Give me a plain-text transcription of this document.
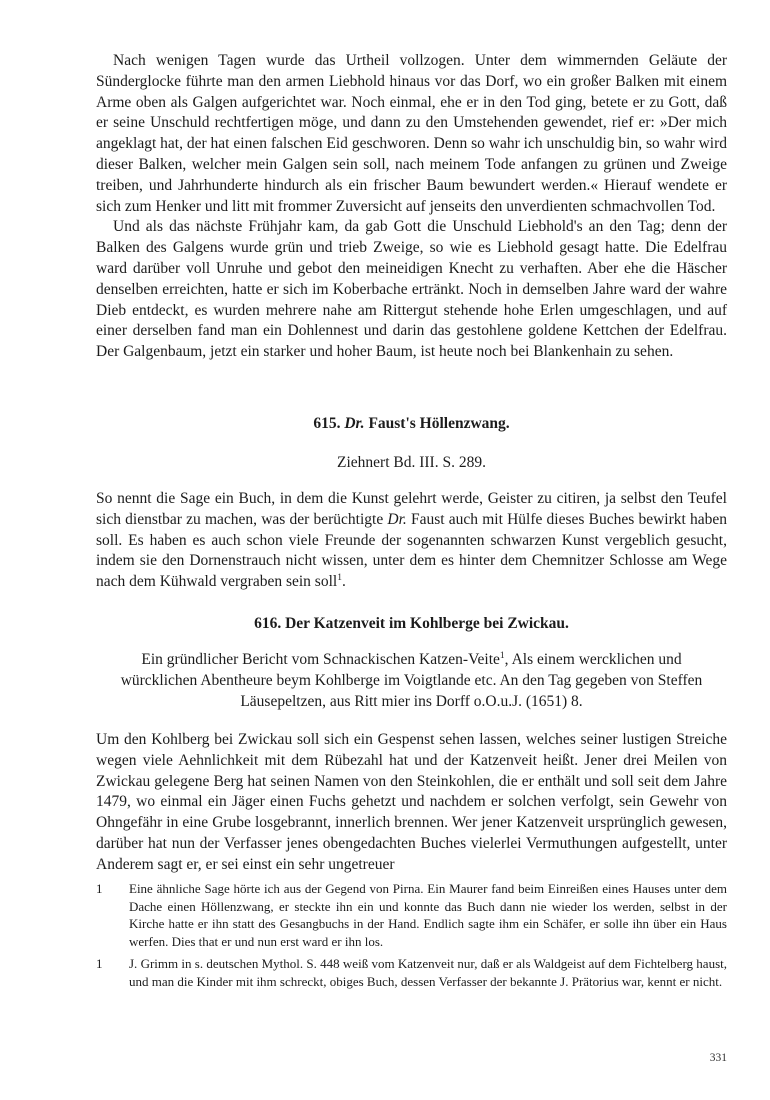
Nach wenigen Tagen wurde das Urtheil vollzogen. Unter dem wimmernden Geläute der Sünderglocke führte man den armen Liebhold hinaus vor das Dorf, wo ein großer Balken mit einem Arme oben als Galgen aufgerichtet war. Noch einmal, ehe er in den Tod ging, betete er zu Gott, daß er seine Unschuld rechtfertigen möge, und dann zu den Umstehenden gewendet, rief er: »Der mich angeklagt hat, der hat einen falschen Eid geschworen. Denn so wahr ich unschuldig bin, so wahr wird dieser Balken, welcher mein Galgen sein soll, nach meinem Tode anfangen zu grünen und Zweige treiben, und Jahrhunderte hindurch als ein frischer Baum bewundert werden.« Hierauf wendete er sich zum Henker und litt mit frommer Zuversicht auf jenseits den unverdienten schmachvollen Tod.

Und als das nächste Frühjahr kam, da gab Gott die Unschuld Liebhold's an den Tag; denn der Balken des Galgens wurde grün und trieb Zweige, so wie es Liebhold gesagt hatte. Die Edelfrau ward darüber voll Unruhe und gebot den meineidigen Knecht zu verhaften. Aber ehe die Häscher denselben erreichten, hatte er sich im Koberbache ertränkt. Noch in demselben Jahre ward der wahre Dieb entdeckt, es wurden mehrere nahe am Rittergut stehende hohe Erlen umgeschlagen, und auf einer derselben fand man ein Dohlennest und darin das gestohlene goldene Kettchen der Edelfrau. Der Galgenbaum, jetzt ein starker und hoher Baum, ist heute noch bei Blankenhain zu sehen.

615. Dr. Faust's Höllenzwang.
Ziehnert Bd. III. S. 289.

So nennt die Sage ein Buch, in dem die Kunst gelehrt werde, Geister zu citiren, ja selbst den Teufel sich dienstbar zu machen, was der berüchtigte Dr. Faust auch mit Hülfe dieses Buches bewirkt haben soll. Es haben es auch schon viele Freunde der sogenannten schwarzen Kunst vergeblich gesucht, indem sie den Dornenstrauch nicht wissen, unter dem es hinter dem Chemnitzer Schlosse am Wege nach dem Kühwald vergraben sein soll$^1$.

616. Der Katzenveit im Kohlberge bei Zwickau.
Ein gründlicher Bericht vom Schnackischen Katzen-Veite$^1$, Als einem wercklichen und würcklichen Abentheure beym Kohlberge im Voigtlande etc. An den Tag gegeben von Steffen Läusepeltzen, aus Ritt mier ins Dorff o.O.u.J. (1651) 8.

Um den Kohlberg bei Zwickau soll sich ein Gespenst sehen lassen, welches seiner lustigen Streiche wegen viele Aehnlichkeit mit dem Rübezahl hat und der Katzenveit heißt. Jener drei Meilen von Zwickau gelegene Berg hat seinen Namen von den Steinkohlen, die er enthält und soll seit dem Jahre 1479, wo einmal ein Jäger einen Fuchs gehetzt und nachdem er solchen verfolgt, sein Gewehr von Ohngefähr in eine Grube losgebrannt, innerlich brennen. Wer jener Katzenveit ursprünglich gewesen, darüber hat nun der Verfasser jenes obengedachten Buches vielerlei Vermuthungen aufgestellt, unter Anderem sagt er, er sei einst ein sehr ungetreuer

1	Eine ähnliche Sage hörte ich aus der Gegend von Pirna. Ein Maurer fand beim Einreißen eines Hauses unter dem Dache einen Höllenzwang, er steckte ihn ein und konnte das Buch dann nie wieder los werden, selbst in der Kirche hatte er ihn statt des Gesangbuchs in der Hand. Endlich sagte ihm ein Schäfer, er solle ihn über ein Haus werfen. Dies that er und nun erst ward er ihn los.
1	J. Grimm in s. deutschen Mythol. S. 448 weiß vom Katzenveit nur, daß er als Waldgeist auf dem Fichtelberg haust, und man die Kinder mit ihm schreckt, obiges Buch, dessen Verfasser der bekannte J. Prätorius war, kennt er nicht.
331
